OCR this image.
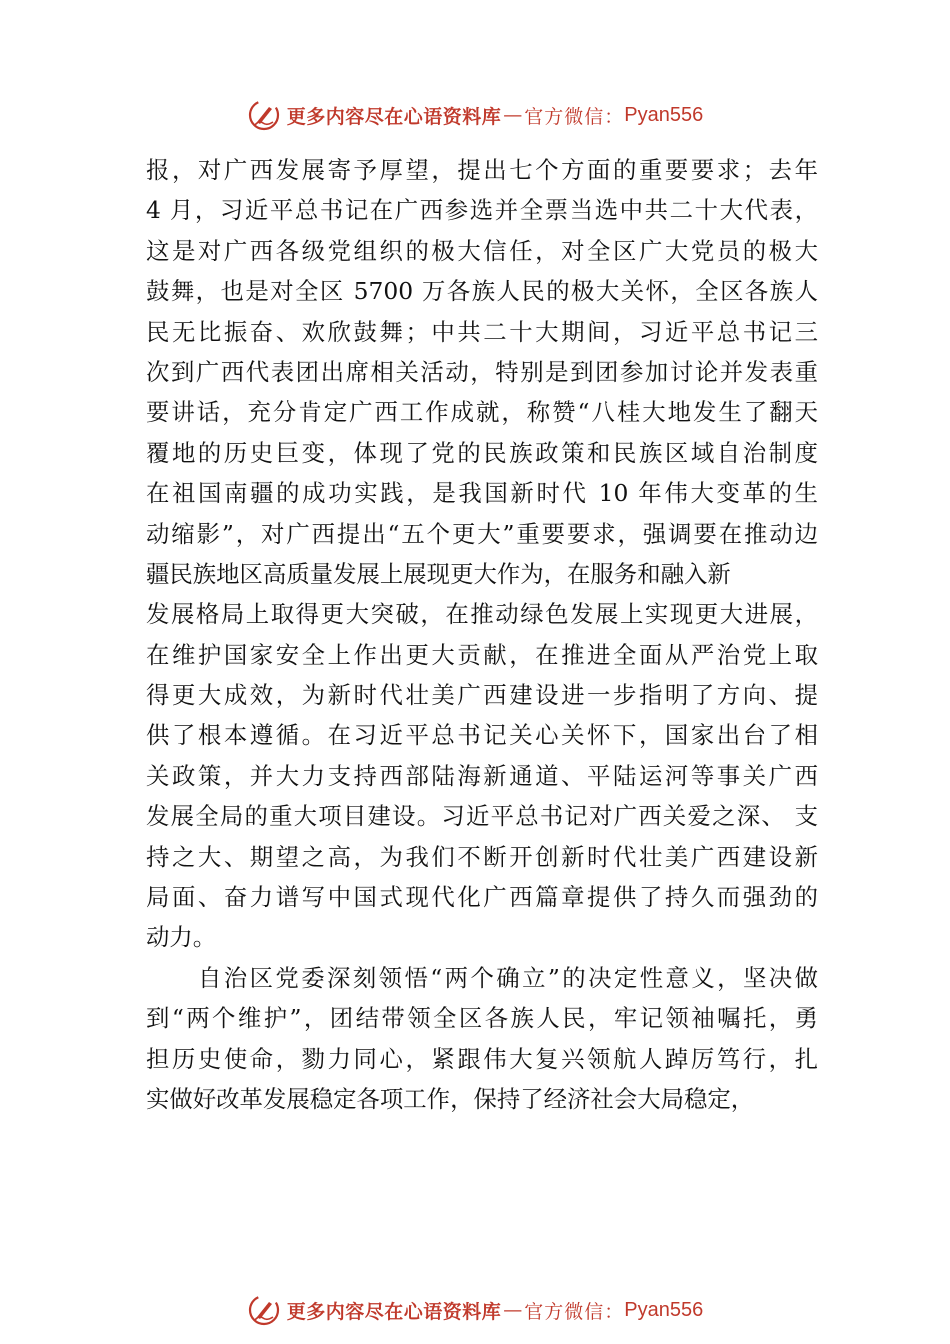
更多内容尽在心语资料库 — 官方微信： Pyan556
报，对广西发展寄予厚望，提出七个方面的重要要求；去年
4 月，习近平总书记在广西参选并全票当选中共二十大代表，
这是对广西各级党组织的极大信任，对全区广大党员的极大
鼓舞，也是对全区 5700 万各族人民的极大关怀，全区各族人
民无比振奋、欢欣鼓舞；中共二十大期间，习近平总书记三
次到广西代表团出席相关活动，特别是到团参加讨论并发表重
要讲话，充分肯定广西工作成就，称赞“八桂大地发生了翻天
覆地的历史巨变，体现了党的民族政策和民族区域自治制度
在祖国南疆的成功实践，是我国新时代 10 年伟大变革的生
动缩影”，对广西提出“五个更大”重要要求，强调要在推动边
疆民族地区高质量发展上展现更大作为，在服务和融入新
发展格局上取得更大突破，在推动绿色发展上实现更大进展，
在维护国家安全上作出更大贡献，在推进全面从严治党上取
得更大成效，为新时代壮美广西建设进一步指明了方向、提
供了根本遵循。在习近平总书记关心关怀下，国家出台了相
关政策，并大力支持西部陆海新通道、平陆运河等事关广西
发展全局的重大项目建设。习近平总书记对广西关爱之深、 支
持之大、期望之高，为我们不断开创新时代壮美广西建设新
局面、奋力谱写中国式现代化广西篇章提供了持久而强劲的
动力。
自治区党委深刻领悟“两个确立”的决定性意义，坚决做
到“两个维护”，团结带领全区各族人民，牢记领袖嘱托，勇
担历史使命，勠力同心，紧跟伟大复兴领航人踔厉笃行，扎
实做好改革发展稳定各项工作，保持了经济社会大局稳定，
更多内容尽在心语资料库 — 官方微信： Pyan556
